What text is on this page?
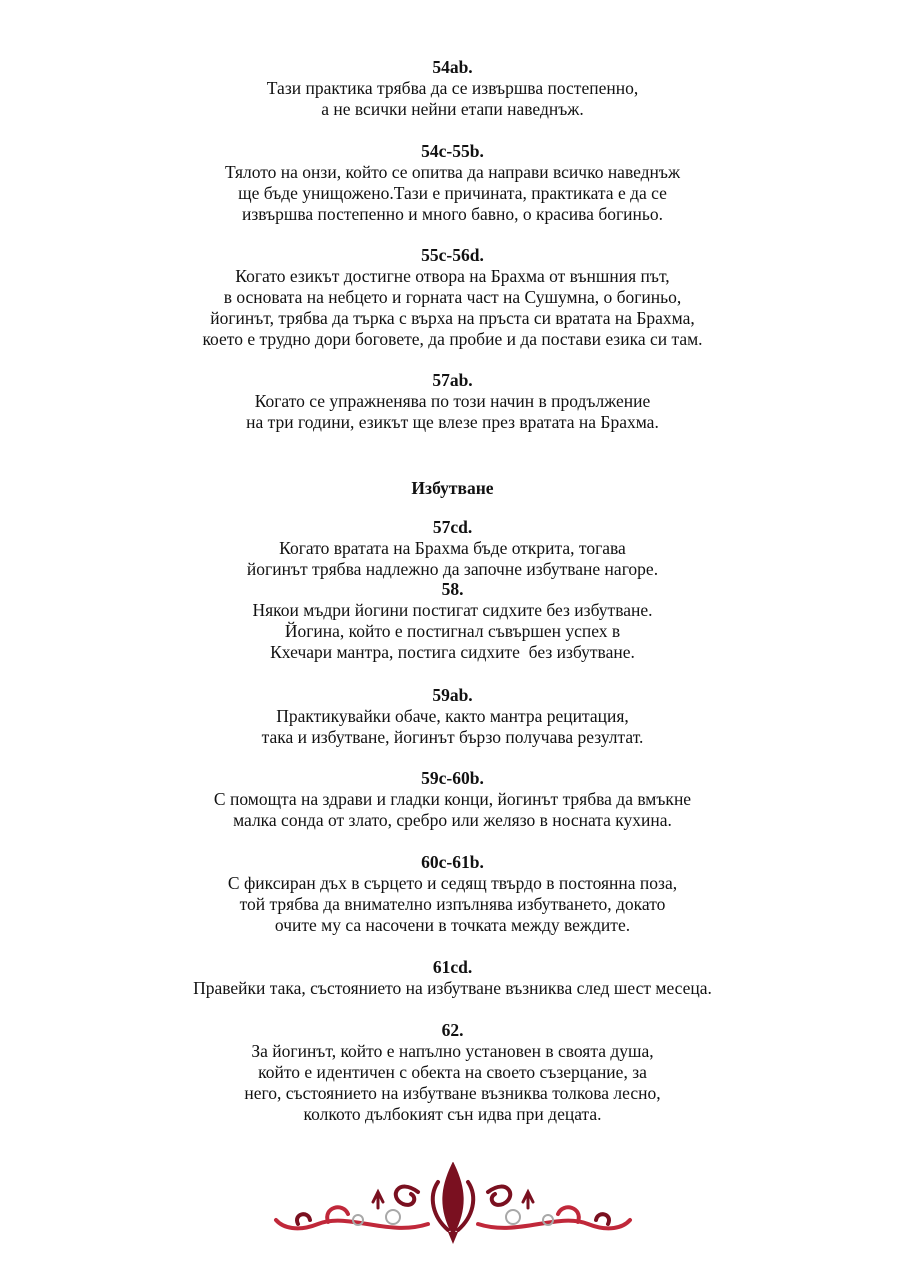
54ab.
Тази практика трябва да се извършва постепенно,
а не всички нейни етапи наведнъж.
54c-55b.
Тялото на онзи, който се опитва да направи всичко наведнъж
ще бъде унищожено.Тази е причината, практиката е да се
извършва постепенно и много бавно, о красива богиньо.
55c-56d.
Когато езикът достигне отвора на Брахма от външния път,
в основата на небцето и горната част на Сушумна, о богиньо,
йогинът, трябва да търка с върха на пръста си вратата на Брахма,
което е трудно дори боговете, да пробие и да постави езика си там.
57ab.
Когато се упражненява по този начин в продължение
на три години, езикът ще влезе през вратата на Брахма.
57cd.
Когато вратата на Брахма бъде открита, тогава
йогинът трябва надлежно да започне избутване нагоре.
58.
Някои мъдри йогини постигат сидхите без избутване.
Йогина, който е постигнал съвършен успех в
Кхечари мантра, постига сидхите  без избутване.
59ab.
Практикувайки обаче, както мантра рецитация,
така и избутване, йогинът бързо получава резултат.
59c-60b.
С помощта на здрави и гладки конци, йогинът трябва да вмъкне
малка сонда от злато, сребро или желязо в носната кухина.
60c-61b.
С фиксиран дъх в сърцето и седящ твърдо в постоянна поза,
той трябва да внимателно изпълнява избутването, докато
очите му са насочени в точката между веждите.
61cd.
Правейки така, състоянието на избутване възниква след шест месеца.
62.
За йогинът, който е напълно установен в своята душа,
който е идентичен с обекта на своето съзерцание, за
него, състоянието на избутване възниква толкова лесно,
колкото дълбокият сън идва при децата.
Избутване
